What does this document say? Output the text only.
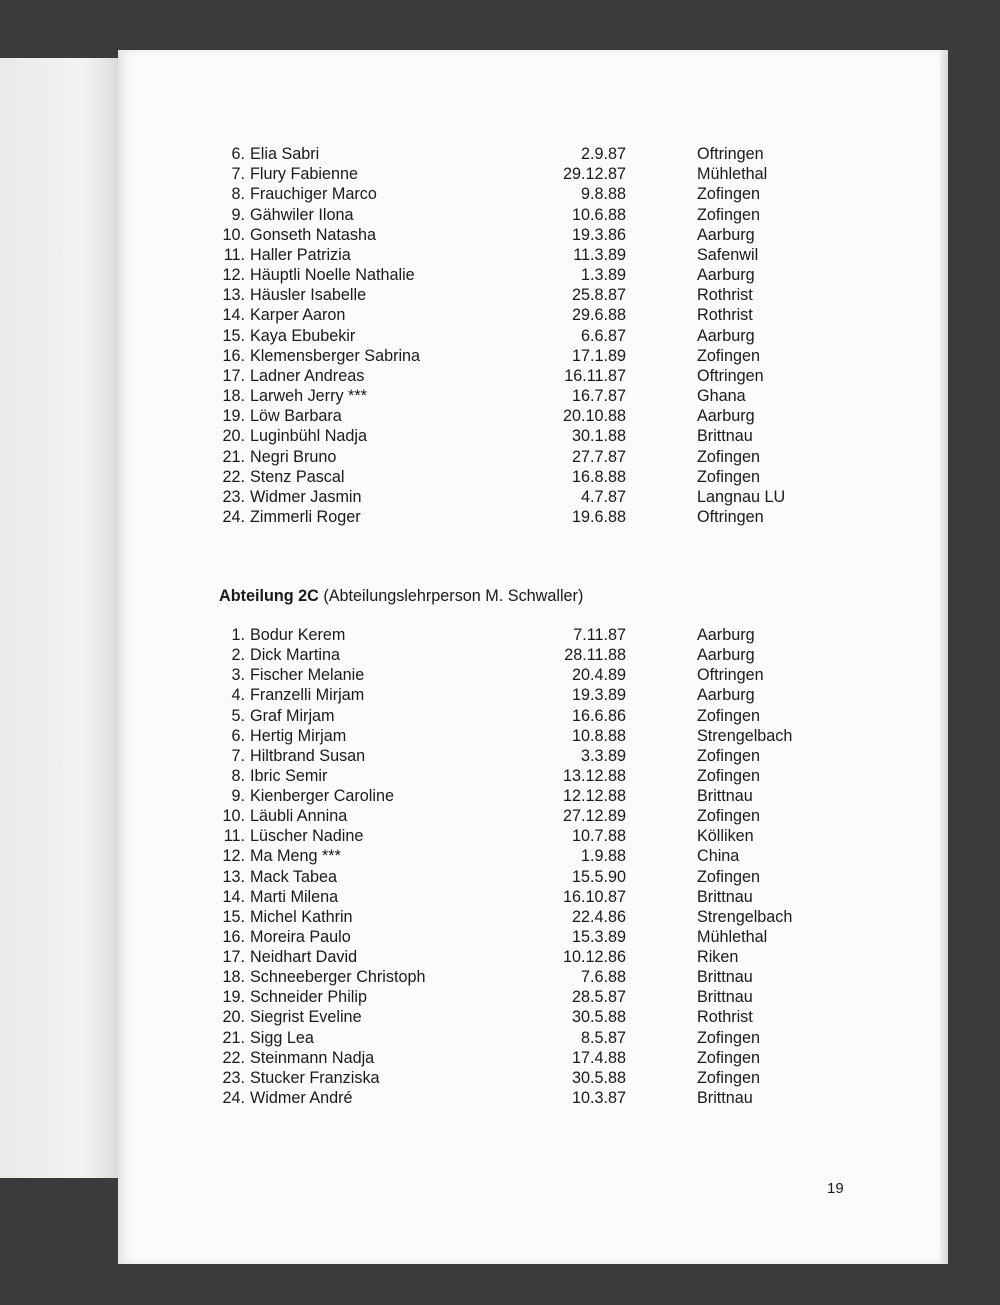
6. Elia Sabri	2.9.87	Oftringen
7. Flury Fabienne	29.12.87	Mühlethal
8. Frauchiger Marco	9.8.88	Zofingen
9. Gähwiler Ilona	10.6.88	Zofingen
10. Gonseth Natasha	19.3.86	Aarburg
11. Haller Patrizia	11.3.89	Safenwil
12. Häuptli Noelle Nathalie	1.3.89	Aarburg
13. Häusler Isabelle	25.8.87	Rothrist
14. Karper Aaron	29.6.88	Rothrist
15. Kaya Ebubekir	6.6.87	Aarburg
16. Klemensberger Sabrina	17.1.89	Zofingen
17. Ladner Andreas	16.11.87	Oftringen
18. Larweh Jerry ***	16.7.87	Ghana
19. Löw Barbara	20.10.88	Aarburg
20. Luginbühl Nadja	30.1.88	Brittnau
21. Negri Bruno	27.7.87	Zofingen
22. Stenz Pascal	16.8.88	Zofingen
23. Widmer Jasmin	4.7.87	Langnau LU
24. Zimmerli Roger	19.6.88	Oftringen
Abteilung 2C (Abteilungslehrperson M. Schwaller)
1. Bodur Kerem	7.11.87	Aarburg
2. Dick Martina	28.11.88	Aarburg
3. Fischer Melanie	20.4.89	Oftringen
4. Franzelli Mirjam	19.3.89	Aarburg
5. Graf Mirjam	16.6.86	Zofingen
6. Hertig Mirjam	10.8.88	Strengelbach
7. Hiltbrand Susan	3.3.89	Zofingen
8. Ibric Semir	13.12.88	Zofingen
9. Kienberger Caroline	12.12.88	Brittnau
10. Läubli Annina	27.12.89	Zofingen
11. Lüscher Nadine	10.7.88	Kölliken
12. Ma Meng ***	1.9.88	China
13. Mack Tabea	15.5.90	Zofingen
14. Marti Milena	16.10.87	Brittnau
15. Michel Kathrin	22.4.86	Strengelbach
16. Moreira Paulo	15.3.89	Mühlethal
17. Neidhart David	10.12.86	Riken
18. Schneeberger Christoph	7.6.88	Brittnau
19. Schneider Philip	28.5.87	Brittnau
20. Siegrist Eveline	30.5.88	Rothrist
21. Sigg Lea	8.5.87	Zofingen
22. Steinmann Nadja	17.4.88	Zofingen
23. Stucker Franziska	30.5.88	Zofingen
24. Widmer André	10.3.87	Brittnau
19
